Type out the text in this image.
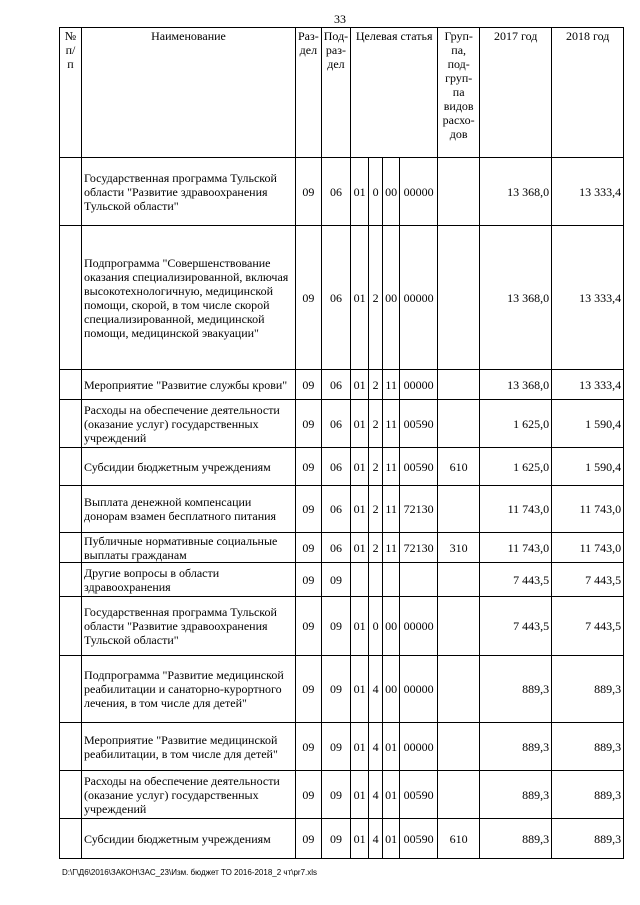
33
№ п/ п	Наименование	Раз-дел	Под-раз-дел	Целевая статья				Груп-па, под-груп-па видов расхо-дов	2017 год	2018 год
	Государственная программа Тульской области "Развитие здравоохранения Тульской области"	09	06	01	0	00	00000		13 368,0	13 333,4
	Подпрограмма "Совершенствование оказания специализированной, включая высокотехнологичную, медицинской помощи, скорой, в том числе скорой специализированной, медицинской помощи, медицинской эвакуации"	09	06	01	2	00	00000		13 368,0	13 333,4
	Мероприятие "Развитие службы крови"	09	06	01	2	11	00000		13 368,0	13 333,4
	Расходы на обеспечение деятельности (оказание услуг) государственных учреждений	09	06	01	2	11	00590		1 625,0	1 590,4
	Субсидии бюджетным учреждениям	09	06	01	2	11	00590	610	1 625,0	1 590,4
	Выплата денежной компенсации донорам взамен бесплатного питания	09	06	01	2	11	72130		11 743,0	11 743,0
	Публичные нормативные социальные выплаты гражданам	09	06	01	2	11	72130	310	11 743,0	11 743,0
	Другие вопросы в области здравоохранения	09	09						7 443,5	7 443,5
	Государственная программа Тульской области "Развитие здравоохранения Тульской области"	09	09	01	0	00	00000		7 443,5	7 443,5
	Подпрограмма "Развитие медицинской реабилитации и санаторно-курортного лечения, в том числе для детей"	09	09	01	4	00	00000		889,3	889,3
	Мероприятие "Развитие медицинской реабилитации, в том числе для детей"	09	09	01	4	01	00000		889,3	889,3
	Расходы на обеспечение деятельности (оказание услуг) государственных учреждений	09	09	01	4	01	00590		889,3	889,3
	Субсидии бюджетным учреждениям	09	09	01	4	01	00590	610	889,3	889,3
D:\Г\Д6\2016\ЗАКОН\ЗАС_23\Изм. бюджет ТО 2016-2018_2 чт\рr7.xls
